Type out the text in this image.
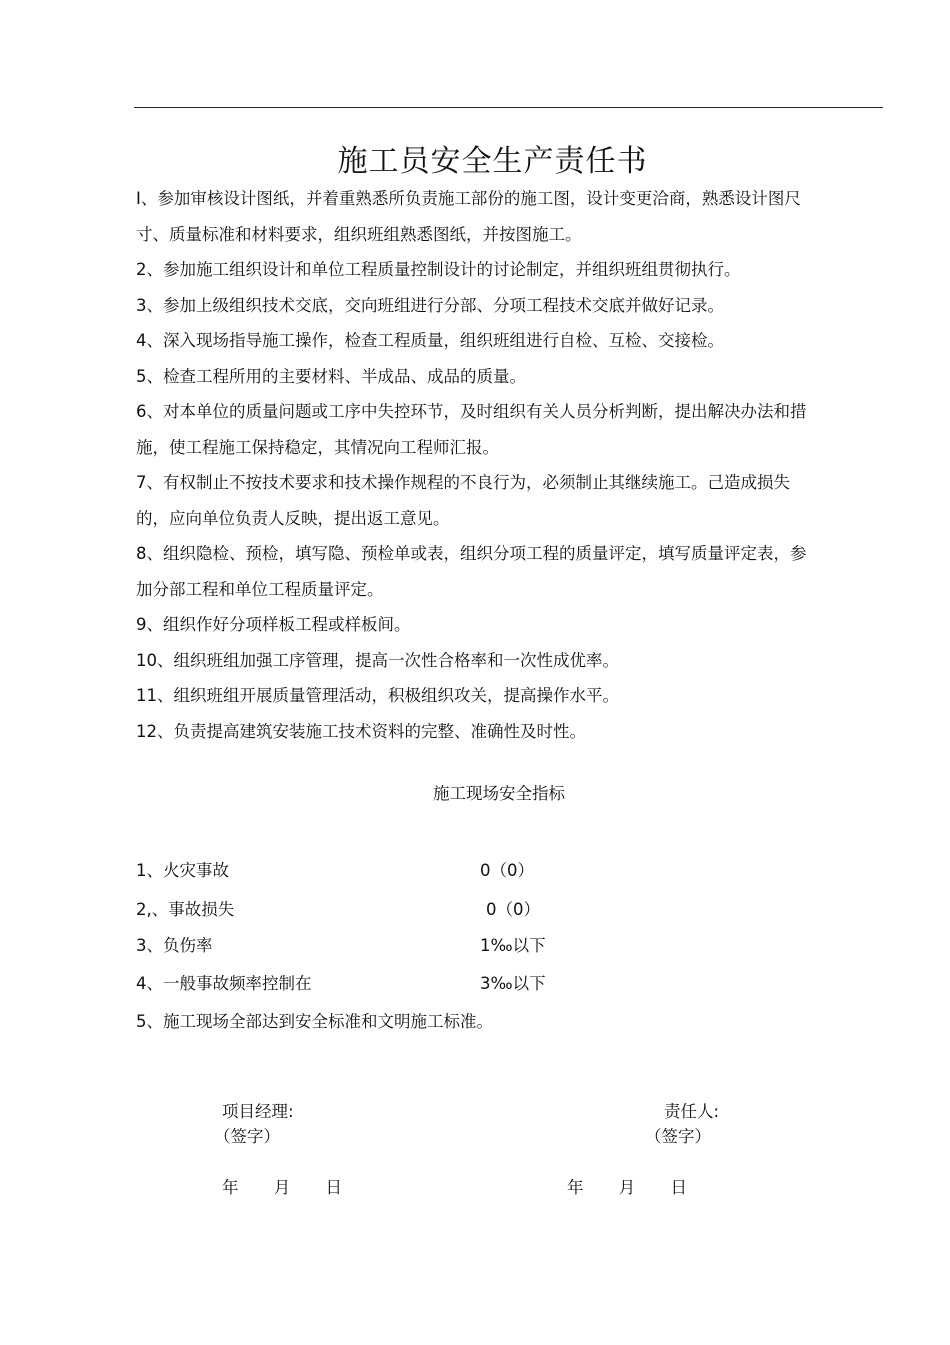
施工员安全生产责任书

I、参加审核设计图纸，并着重熟悉所负责施工部份的施工图，设计变更洽商，熟悉设计图尺寸、质量标准和材料要求，组织班组熟悉图纸，并按图施工。

2、参加施工组织设计和单位工程质量控制设计的讨论制定，并组织班组贯彻执行。

3、参加上级组织技术交底，交向班组进行分部、分项工程技术交底并做好记录。

4、深入现场指导施工操作，检查工程质量，组织班组进行自检、互检、交接检。

5、检查工程所用的主要材料、半成品、成品的质量。

6、对本单位的质量问题或工序中失控环节，及时组织有关人员分析判断，提出解决办法和措施，使工程施工保持稳定，其情况向工程师汇报。

7、有权制止不按技术要求和技术操作规程的不良行为，必须制止其继续施工。己造成损失的，应向单位负责人反映，提出返工意见。

8、组织隐检、预检，填写隐、预检单或表，组织分项工程的质量评定，填写质量评定表，参加分部工程和单位工程质量评定。

9、组织作好分项样板工程或样板间。

10、组织班组加强工序管理，提高一次性合格率和一次性成优率。

11、组织班组开展质量管理活动，积极组织攻关，提高操作水平。

12、负责提高建筑安装施工技术资料的完整、准确性及时性。

施工现场安全指标
1、火灾事故	0（0）
2,、事故损失	0（0）
3、负伤率	1‰以下
4、一般事故频率控制在	3‰以下
5、施工现场全部达到安全标准和文明施工标准。
项目经理:
（签字）
年 月 日
责任人:
（签字）
年 月 日
